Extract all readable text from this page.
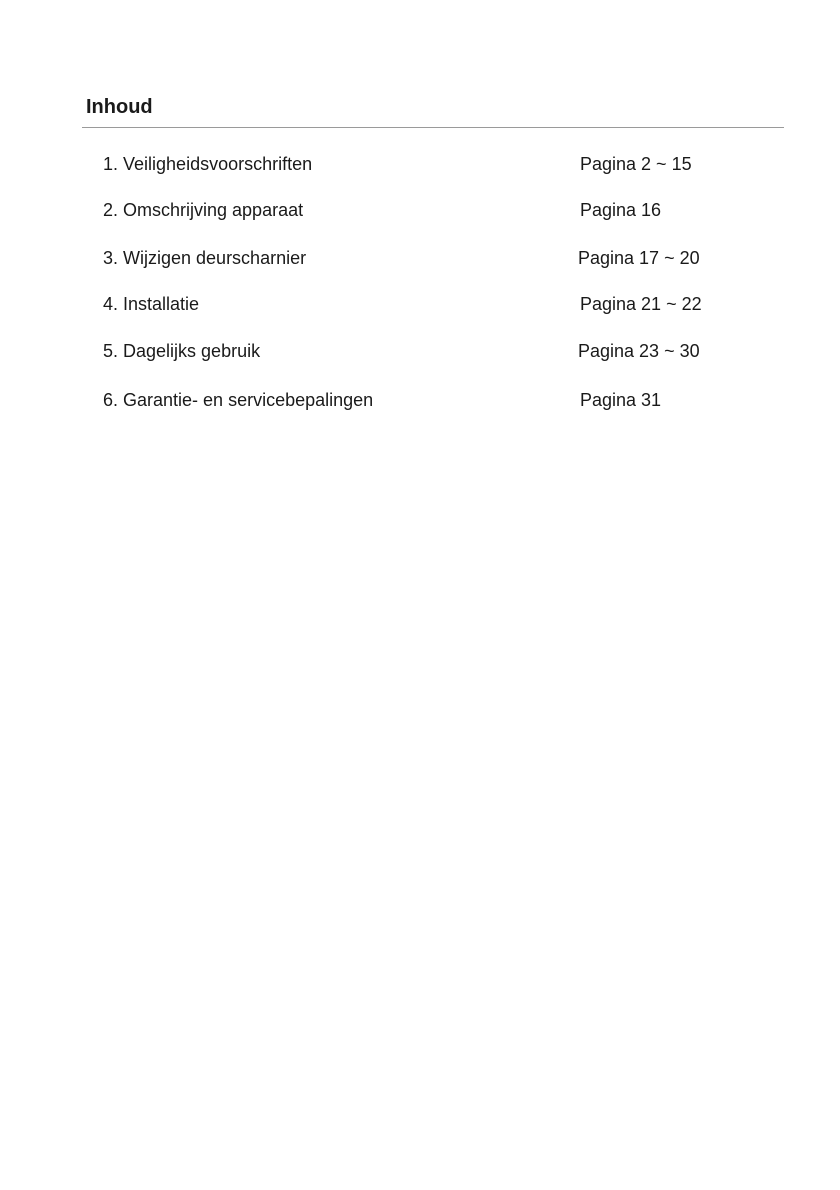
Inhoud
1. Veiligheidsvoorschriften	Pagina 2 ~ 15
2. Omschrijving apparaat	Pagina 16
3. Wijzigen deurscharnier	Pagina 17 ~ 20
4. Installatie	Pagina 21 ~ 22
5. Dagelijks gebruik	Pagina 23 ~ 30
6. Garantie- en servicebepalingen	Pagina 31
